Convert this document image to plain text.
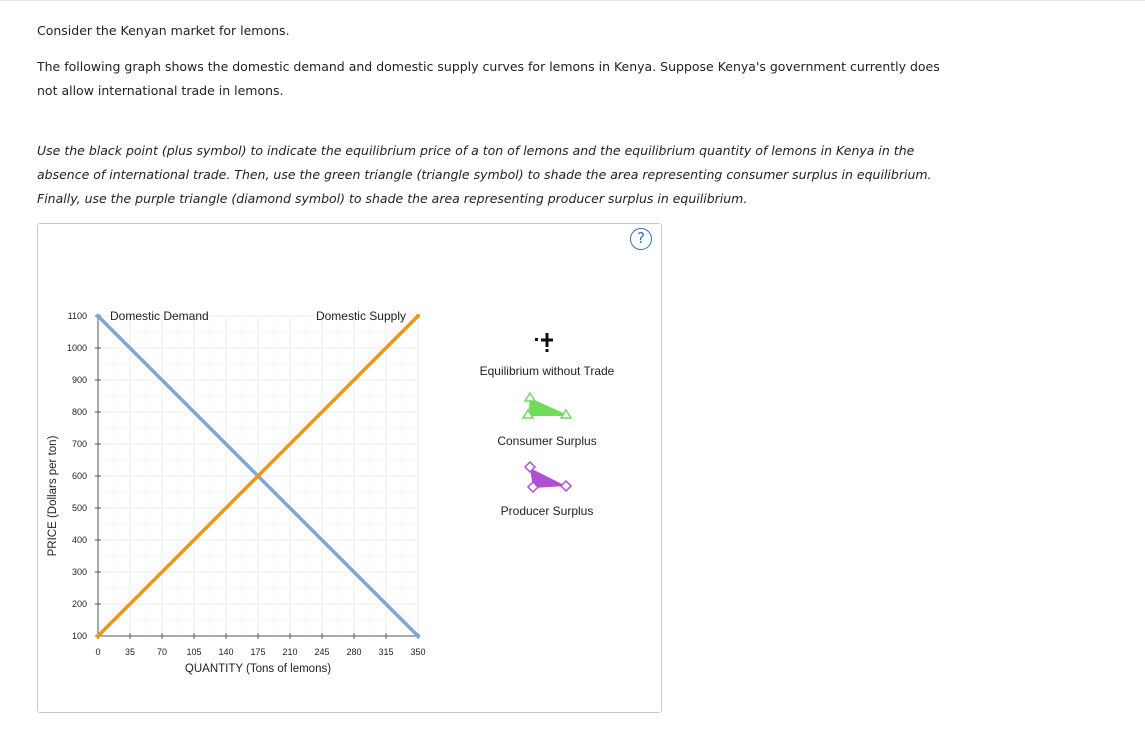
Consider the Kenyan market for lemons.

The following graph shows the domestic demand and domestic supply curves for lemons in Kenya. Suppose Kenya's government currently does not allow international trade in lemons.

Use the black point (plus symbol) to indicate the equilibrium price of a ton of lemons and the equilibrium quantity of lemons in Kenya in the absence of international trade. Then, use the green triangle (triangle symbol) to shade the area representing consumer surplus in equilibrium. Finally, use the purple triangle (diamond symbol) to shade the area representing producer surplus in equilibrium.

?
100
200
300
400
500
600
700
800
900
1000
1100
0	35 70 105 140 175 210 245 280 315 350
QUANTITY (Tons of lemons)
PRICE (Dollars per ton)
Domestic Demand	Domestic Supply
Equilibrium without Trade
Consumer Surplus
Producer Surplus
